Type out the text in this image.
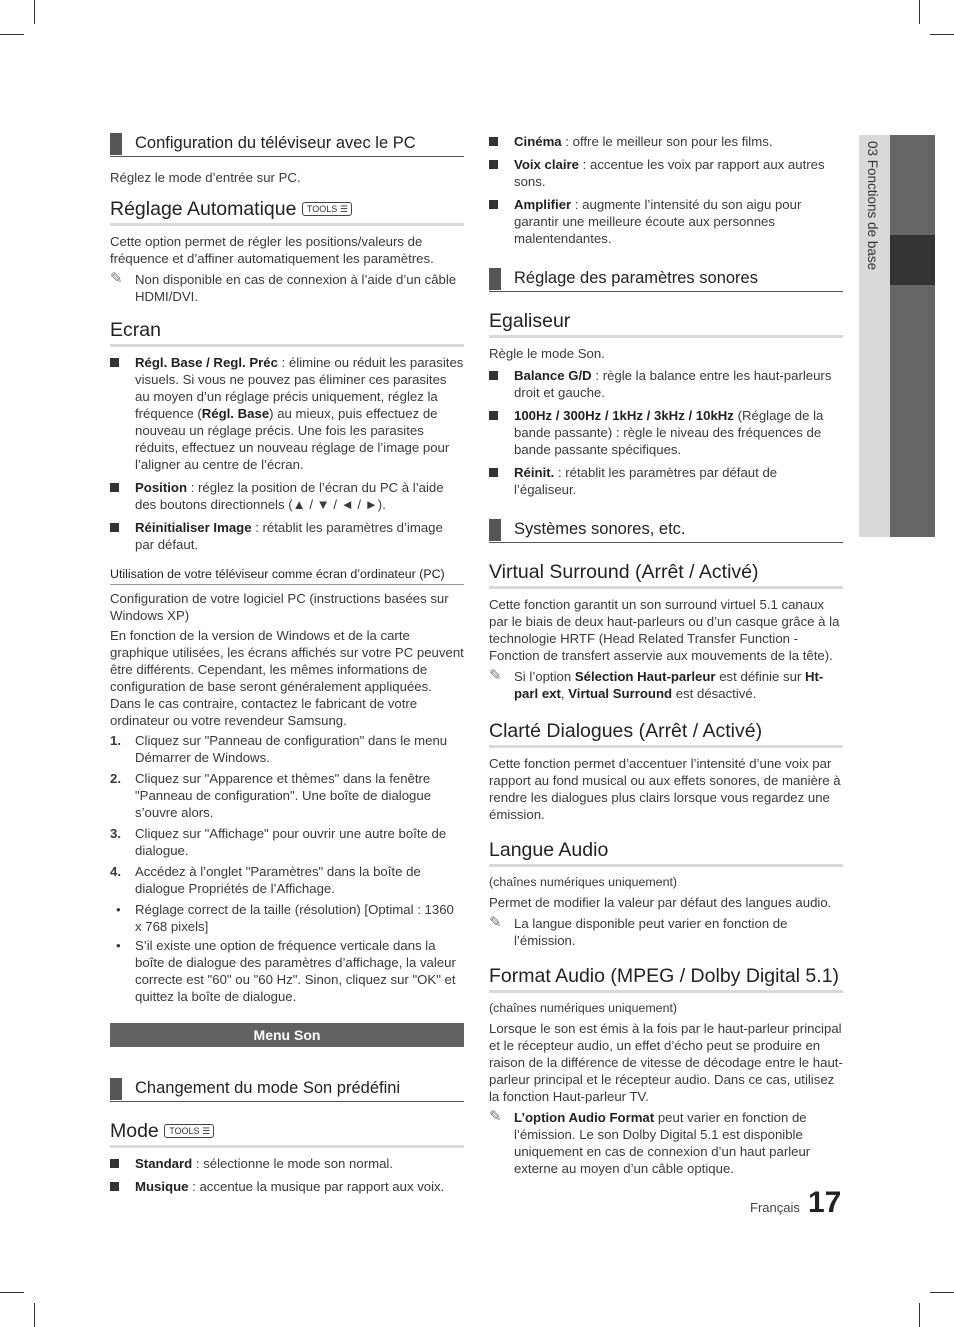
03 Fonctions de base
Configuration du téléviseur avec le PC
Réglez le mode d’entrée sur PC.
Réglage Automatique TOOLS ☰
Cette option permet de régler les positions/valeurs de fréquence et d’affiner automatiquement les paramètres.
✎ Non disponible en cas de connexion à l’aide d’un câble HDMI/DVI.
Ecran
Régl. Base / Regl. Préc : élimine ou réduit les parasites visuels. Si vous ne pouvez pas éliminer ces parasites au moyen d’un réglage précis uniquement, réglez la fréquence (Régl. Base) au mieux, puis effectuez de nouveau un réglage précis. Une fois les parasites réduits, effectuez un nouveau réglage de l’image pour l’aligner au centre de l’écran.
Position : réglez la position de l’écran du PC à l’aide des boutons directionnels (▲ / ▼ / ◄ / ►).
Réinitialiser Image : rétablit les paramètres d’image par défaut.
Utilisation de votre téléviseur comme écran d’ordinateur (PC)
Configuration de votre logiciel PC (instructions basées sur Windows XP)
En fonction de la version de Windows et de la carte graphique utilisées, les écrans affichés sur votre PC peuvent être différents. Cependant, les mêmes informations de configuration de base seront généralement appliquées. Dans le cas contraire, contactez le fabricant de votre ordinateur ou votre revendeur Samsung.
1. Cliquez sur "Panneau de configuration" dans le menu Démarrer de Windows.
2. Cliquez sur "Apparence et thèmes" dans la fenêtre "Panneau de configuration". Une boîte de dialogue s’ouvre alors.
3. Cliquez sur "Affichage" pour ouvrir une autre boîte de dialogue.
4. Accédez à l’onglet "Paramètres" dans la boîte de dialogue Propriétés de l’Affichage.
• Réglage correct de la taille (résolution) [Optimal : 1360 x 768 pixels]
• S’il existe une option de fréquence verticale dans la boîte de dialogue des paramètres d’affichage, la valeur correcte est "60" ou "60 Hz". Sinon, cliquez sur "OK" et quittez la boîte de dialogue.
Menu Son
Changement du mode Son prédéfini
Mode TOOLS ☰
Standard : sélectionne le mode son normal.
Musique : accentue la musique par rapport aux voix.
Cinéma : offre le meilleur son pour les films.
Voix claire : accentue les voix par rapport aux autres sons.
Amplifier : augmente l’intensité du son aigu pour garantir une meilleure écoute aux personnes malentendantes.
Réglage des paramètres sonores
Egaliseur
Règle le mode Son.
Balance G/D : règle la balance entre les haut-parleurs droit et gauche.
100Hz / 300Hz / 1kHz / 3kHz / 10kHz (Réglage de la bande passante) : règle le niveau des fréquences de bande passante spécifiques.
Réinit. : rétablit les paramètres par défaut de l’égaliseur.
Systèmes sonores, etc.
Virtual Surround (Arrêt / Activé)
Cette fonction garantit un son surround virtuel 5.1 canaux par le biais de deux haut-parleurs ou d’un casque grâce à la technologie HRTF (Head Related Transfer Function - Fonction de transfert asservie aux mouvements de la tête).
✎ Si l’option Sélection Haut-parleur est définie sur Ht-parl ext, Virtual Surround est désactivé.
Clarté Dialogues (Arrêt / Activé)
Cette fonction permet d’accentuer l’intensité d’une voix par rapport au fond musical ou aux effets sonores, de manière à rendre les dialogues plus clairs lorsque vous regardez une émission.
Langue Audio
(chaînes numériques uniquement)
Permet de modifier la valeur par défaut des langues audio.
✎ La langue disponible peut varier en fonction de l’émission.
Format Audio (MPEG / Dolby Digital 5.1)
(chaînes numériques uniquement)
Lorsque le son est émis à la fois par le haut-parleur principal et le récepteur audio, un effet d’écho peut se produire en raison de la différence de vitesse de décodage entre le haut-parleur principal et le récepteur audio. Dans ce cas, utilisez la fonction Haut-parleur TV.
✎ L’option Audio Format peut varier en fonction de l’émission. Le son Dolby Digital 5.1 est disponible uniquement en cas de connexion d’un haut parleur externe au moyen d’un câble optique.
Français 17
